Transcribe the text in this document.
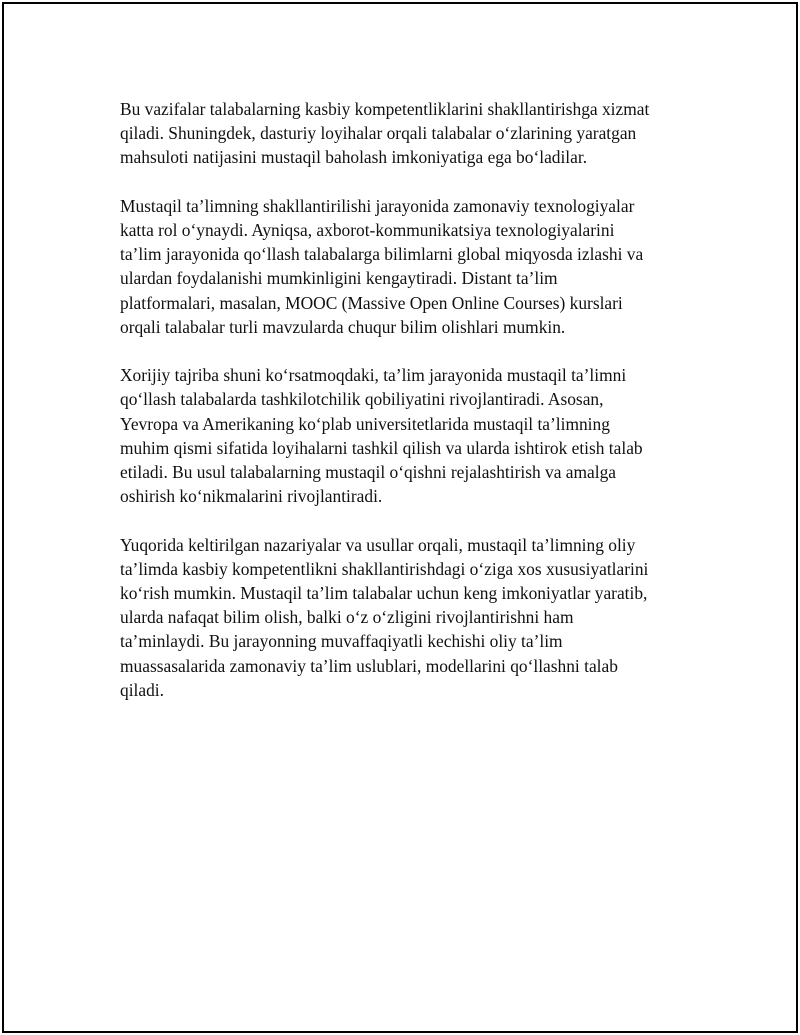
Bu vazifalar talabalarning kasbiy kompetentliklarini shakllantirishga xizmat
qiladi. Shuningdek, dasturiy loyihalar orqali talabalar o‘zlarining yaratgan
mahsuloti natijasini mustaqil baholash imkoniyatiga ega bo‘ladilar.

Mustaqil ta’limning shakllantirilishi jarayonida zamonaviy texnologiyalar
katta rol o‘ynaydi. Ayniqsa, axborot-kommunikatsiya texnologiyalarini
ta’lim jarayonida qo‘llash talabalarga bilimlarni global miqyosda izlashi va
ulardan foydalanishi mumkinligini kengaytiradi. Distant ta’lim
platformalari, masalan, MOOC (Massive Open Online Courses) kurslari
orqali talabalar turli mavzularda chuqur bilim olishlari mumkin.

Xorijiy tajriba shuni ko‘rsatmoqdaki, ta’lim jarayonida mustaqil ta’limni
qo‘llash talabalarda tashkilotchilik qobiliyatini rivojlantiradi. Asosan,
Yevropa va Amerikaning ko‘plab universitetlarida mustaqil ta’limning
muhim qismi sifatida loyihalarni tashkil qilish va ularda ishtirok etish talab
etiladi. Bu usul talabalarning mustaqil o‘qishni rejalashtirish va amalga
oshirish ko‘nikmalarini rivojlantiradi.

Yuqorida keltirilgan nazariyalar va usullar orqali, mustaqil ta’limning oliy
ta’limda kasbiy kompetentlikni shakllantirishdagi o‘ziga xos xususiyatlarini
ko‘rish mumkin. Mustaqil ta’lim talabalar uchun keng imkoniyatlar yaratib,
ularda nafaqat bilim olish, balki o‘z o‘zligini rivojlantirishni ham
ta’minlaydi. Bu jarayonning muvaffaqiyatli kechishi oliy ta’lim
muassasalarida zamonaviy ta’lim uslublari, modellarini qo‘llashni talab
qiladi.
